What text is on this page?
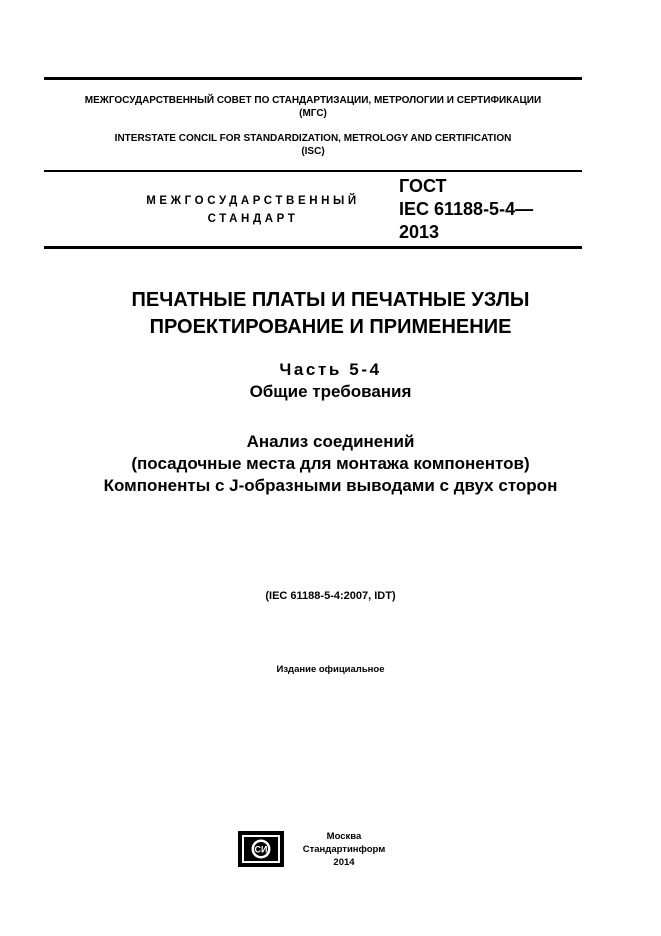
МЕЖГОСУДАРСТВЕННЫЙ СОВЕТ ПО СТАНДАРТИЗАЦИИ, МЕТРОЛОГИИ И СЕРТИФИКАЦИИ
(МГС)
INTERSTATE CONCIL FOR STANDARDIZATION, METROLOGY AND CERTIFICATION
(ISC)
МЕЖГОСУДАРСТВЕННЫЙ
СТАНДАРТ
ГОСТ
IEC 61188-5-4—
2013
ПЕЧАТНЫЕ ПЛАТЫ И ПЕЧАТНЫЕ УЗЛЫ
ПРОЕКТИРОВАНИЕ И ПРИМЕНЕНИЕ
Часть 5-4
Общие требования
Анализ соединений
(посадочные места для монтажа компонентов)
Компоненты с J-образными выводами с двух сторон
(IEC 61188-5-4:2007, IDT)
Издание официальное
СИ
Москва
Стандартинформ
2014
